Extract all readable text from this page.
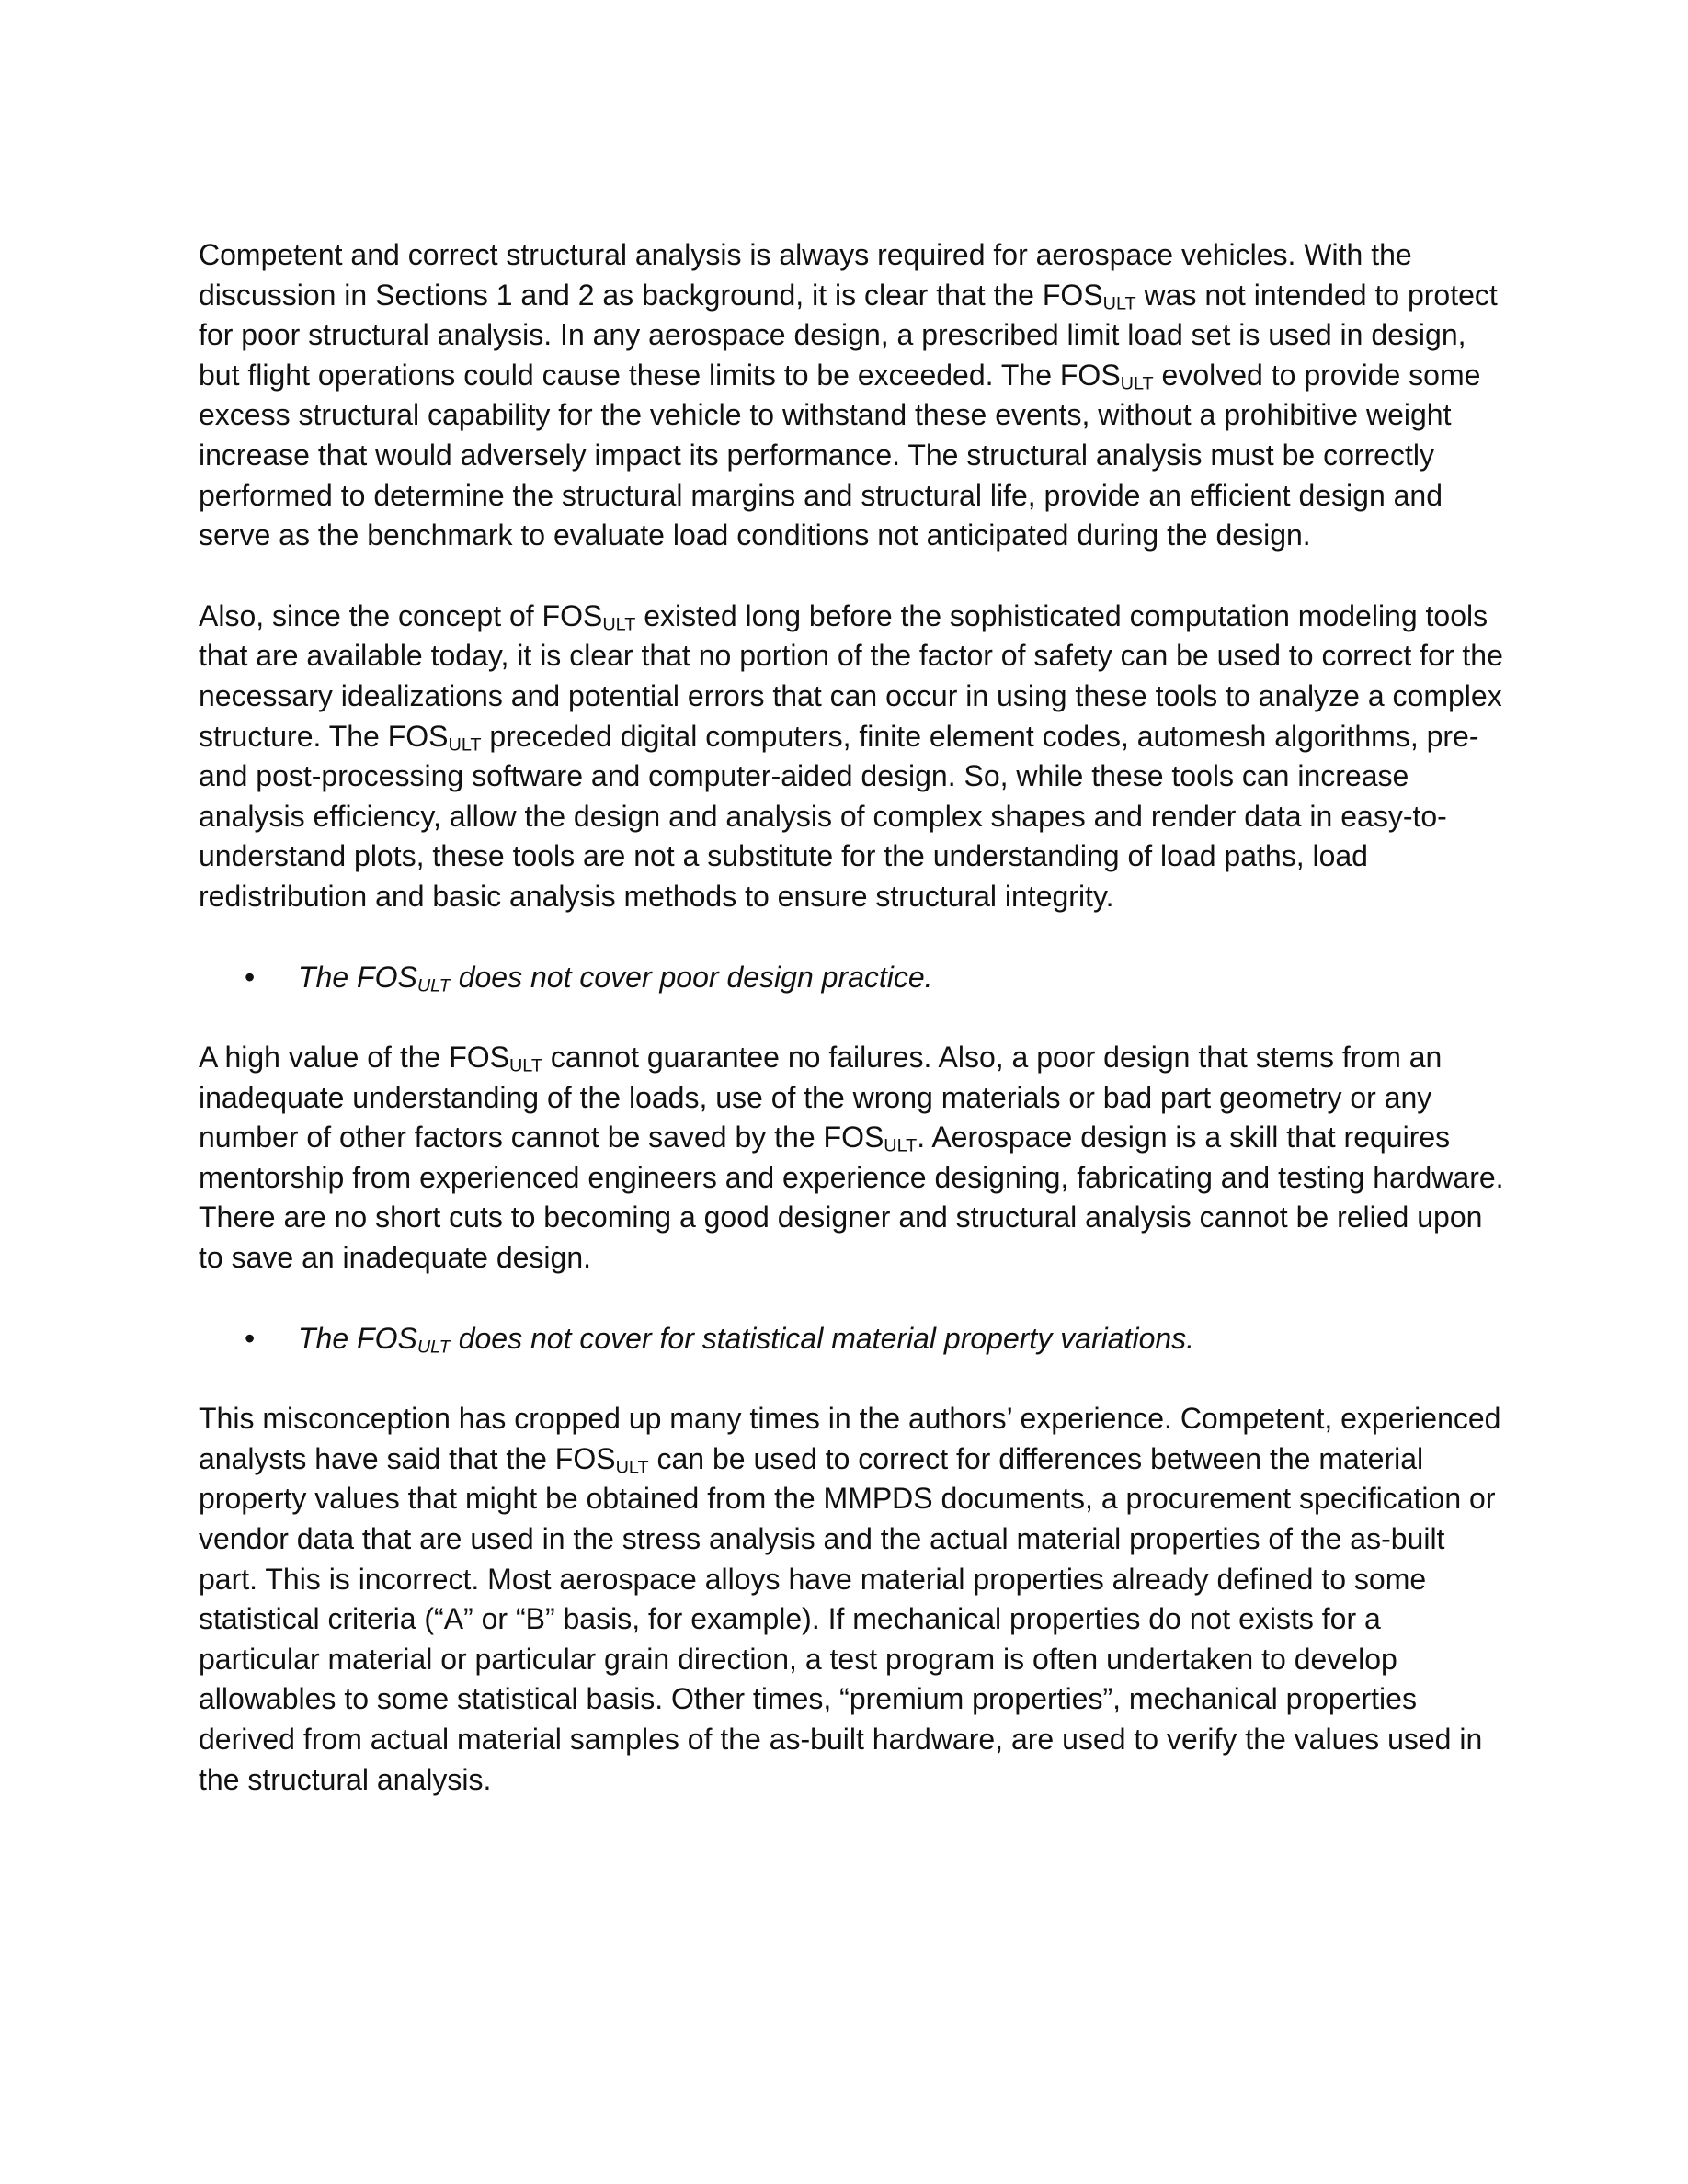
Competent and correct structural analysis is always required for aerospace vehicles. With the discussion in Sections 1 and 2 as background, it is clear that the $FOS_{ULT}$ was not intended to protect for poor structural analysis. In any aerospace design, a prescribed limit load set is used in design, but flight operations could cause these limits to be exceeded. The $FOS_{ULT}$ evolved to provide some excess structural capability for the vehicle to withstand these events, without a prohibitive weight increase that would adversely impact its performance. The structural analysis must be correctly performed to determine the structural margins and structural life, provide an efficient design and serve as the benchmark to evaluate load conditions not anticipated during the design.

Also, since the concept of $FOS_{ULT}$ existed long before the sophisticated computation modeling tools that are available today, it is clear that no portion of the factor of safety can be used to correct for the necessary idealizations and potential errors that can occur in using these tools to analyze a complex structure. The $FOS_{ULT}$ preceded digital computers, finite element codes, automesh algorithms, pre- and post-processing software and computer-aided design. So, while these tools can increase analysis efficiency, allow the design and analysis of complex shapes and render data in easy-to-understand plots, these tools are not a substitute for the understanding of load paths, load redistribution and basic analysis methods to ensure structural integrity.

• The $FOS_{ULT}$ does not cover poor design practice.

A high value of the $FOS_{ULT}$ cannot guarantee no failures. Also, a poor design that stems from an inadequate understanding of the loads, use of the wrong materials or bad part geometry or any number of other factors cannot be saved by the $FOS_{ULT}$. Aerospace design is a skill that requires mentorship from experienced engineers and experience designing, fabricating and testing hardware. There are no short cuts to becoming a good designer and structural analysis cannot be relied upon to save an inadequate design.

• The $FOS_{ULT}$ does not cover for statistical material property variations.

This misconception has cropped up many times in the authors’ experience. Competent, experienced analysts have said that the $FOS_{ULT}$ can be used to correct for differences between the material property values that might be obtained from the MMPDS documents, a procurement specification or vendor data that are used in the stress analysis and the actual material properties of the as-built part. This is incorrect. Most aerospace alloys have material properties already defined to some statistical criteria (“A” or “B” basis, for example). If mechanical properties do not exists for a particular material or particular grain direction, a test program is often undertaken to develop allowables to some statistical basis. Other times, “premium properties”, mechanical properties derived from actual material samples of the as-built hardware, are used to verify the values used in the structural analysis.
